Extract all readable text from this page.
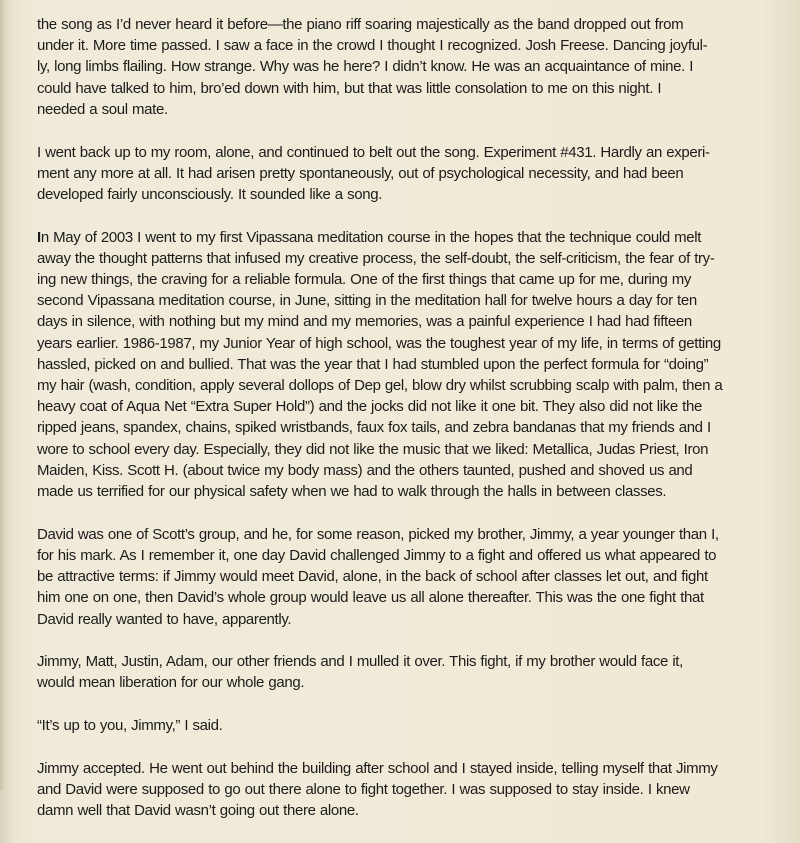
the song as I’d never heard it before—the piano riff soaring majestically as the band dropped out from
under it. More time passed. I saw a face in the crowd I thought I recognized. Josh Freese. Dancing joyful-
ly, long limbs flailing. How strange. Why was he here? I didn’t know. He was an acquaintance of mine. I
could have talked to him, bro’ed down with him, but that was little consolation to me on this night. I
needed a soul mate.

I went back up to my room, alone, and continued to belt out the song. Experiment #431. Hardly an experi-
ment any more at all. It had arisen pretty spontaneously, out of psychological necessity, and had been
developed fairly unconsciously. It sounded like a song.

In May of 2003 I went to my first Vipassana meditation course in the hopes that the technique could melt
away the thought patterns that infused my creative process, the self-doubt, the self-criticism, the fear of try-
ing new things, the craving for a reliable formula. One of the first things that came up for me, during my
second Vipassana meditation course, in June, sitting in the meditation hall for twelve hours a day for ten
days in silence, with nothing but my mind and my memories, was a painful experience I had had fifteen
years earlier. 1986-1987, my Junior Year of high school, was the toughest year of my life, in terms of getting
hassled, picked on and bullied. That was the year that I had stumbled upon the perfect formula for “doing”
my hair (wash, condition, apply several dollops of Dep gel, blow dry whilst scrubbing scalp with palm, then a
heavy coat of Aqua Net “Extra Super Hold”) and the jocks did not like it one bit. They also did not like the
ripped jeans, spandex, chains, spiked wristbands, faux fox tails, and zebra bandanas that my friends and I
wore to school every day. Especially, they did not like the music that we liked: Metallica, Judas Priest, Iron
Maiden, Kiss. Scott H. (about twice my body mass) and the others taunted, pushed and shoved us and
made us terrified for our physical safety when we had to walk through the halls in between classes.

David was one of Scott’s group, and he, for some reason, picked my brother, Jimmy, a year younger than I,
for his mark. As I remember it, one day David challenged Jimmy to a fight and offered us what appeared to
be attractive terms: if Jimmy would meet David, alone, in the back of school after classes let out, and fight
him one on one, then David’s whole group would leave us all alone thereafter. This was the one fight that
David really wanted to have, apparently.

Jimmy, Matt, Justin, Adam, our other friends and I mulled it over. This fight, if my brother would face it,
would mean liberation for our whole gang.

“It’s up to you, Jimmy,” I said.

Jimmy accepted. He went out behind the building after school and I stayed inside, telling myself that Jimmy
and David were supposed to go out there alone to fight together. I was supposed to stay inside. I knew
damn well that David wasn’t going out there alone.
